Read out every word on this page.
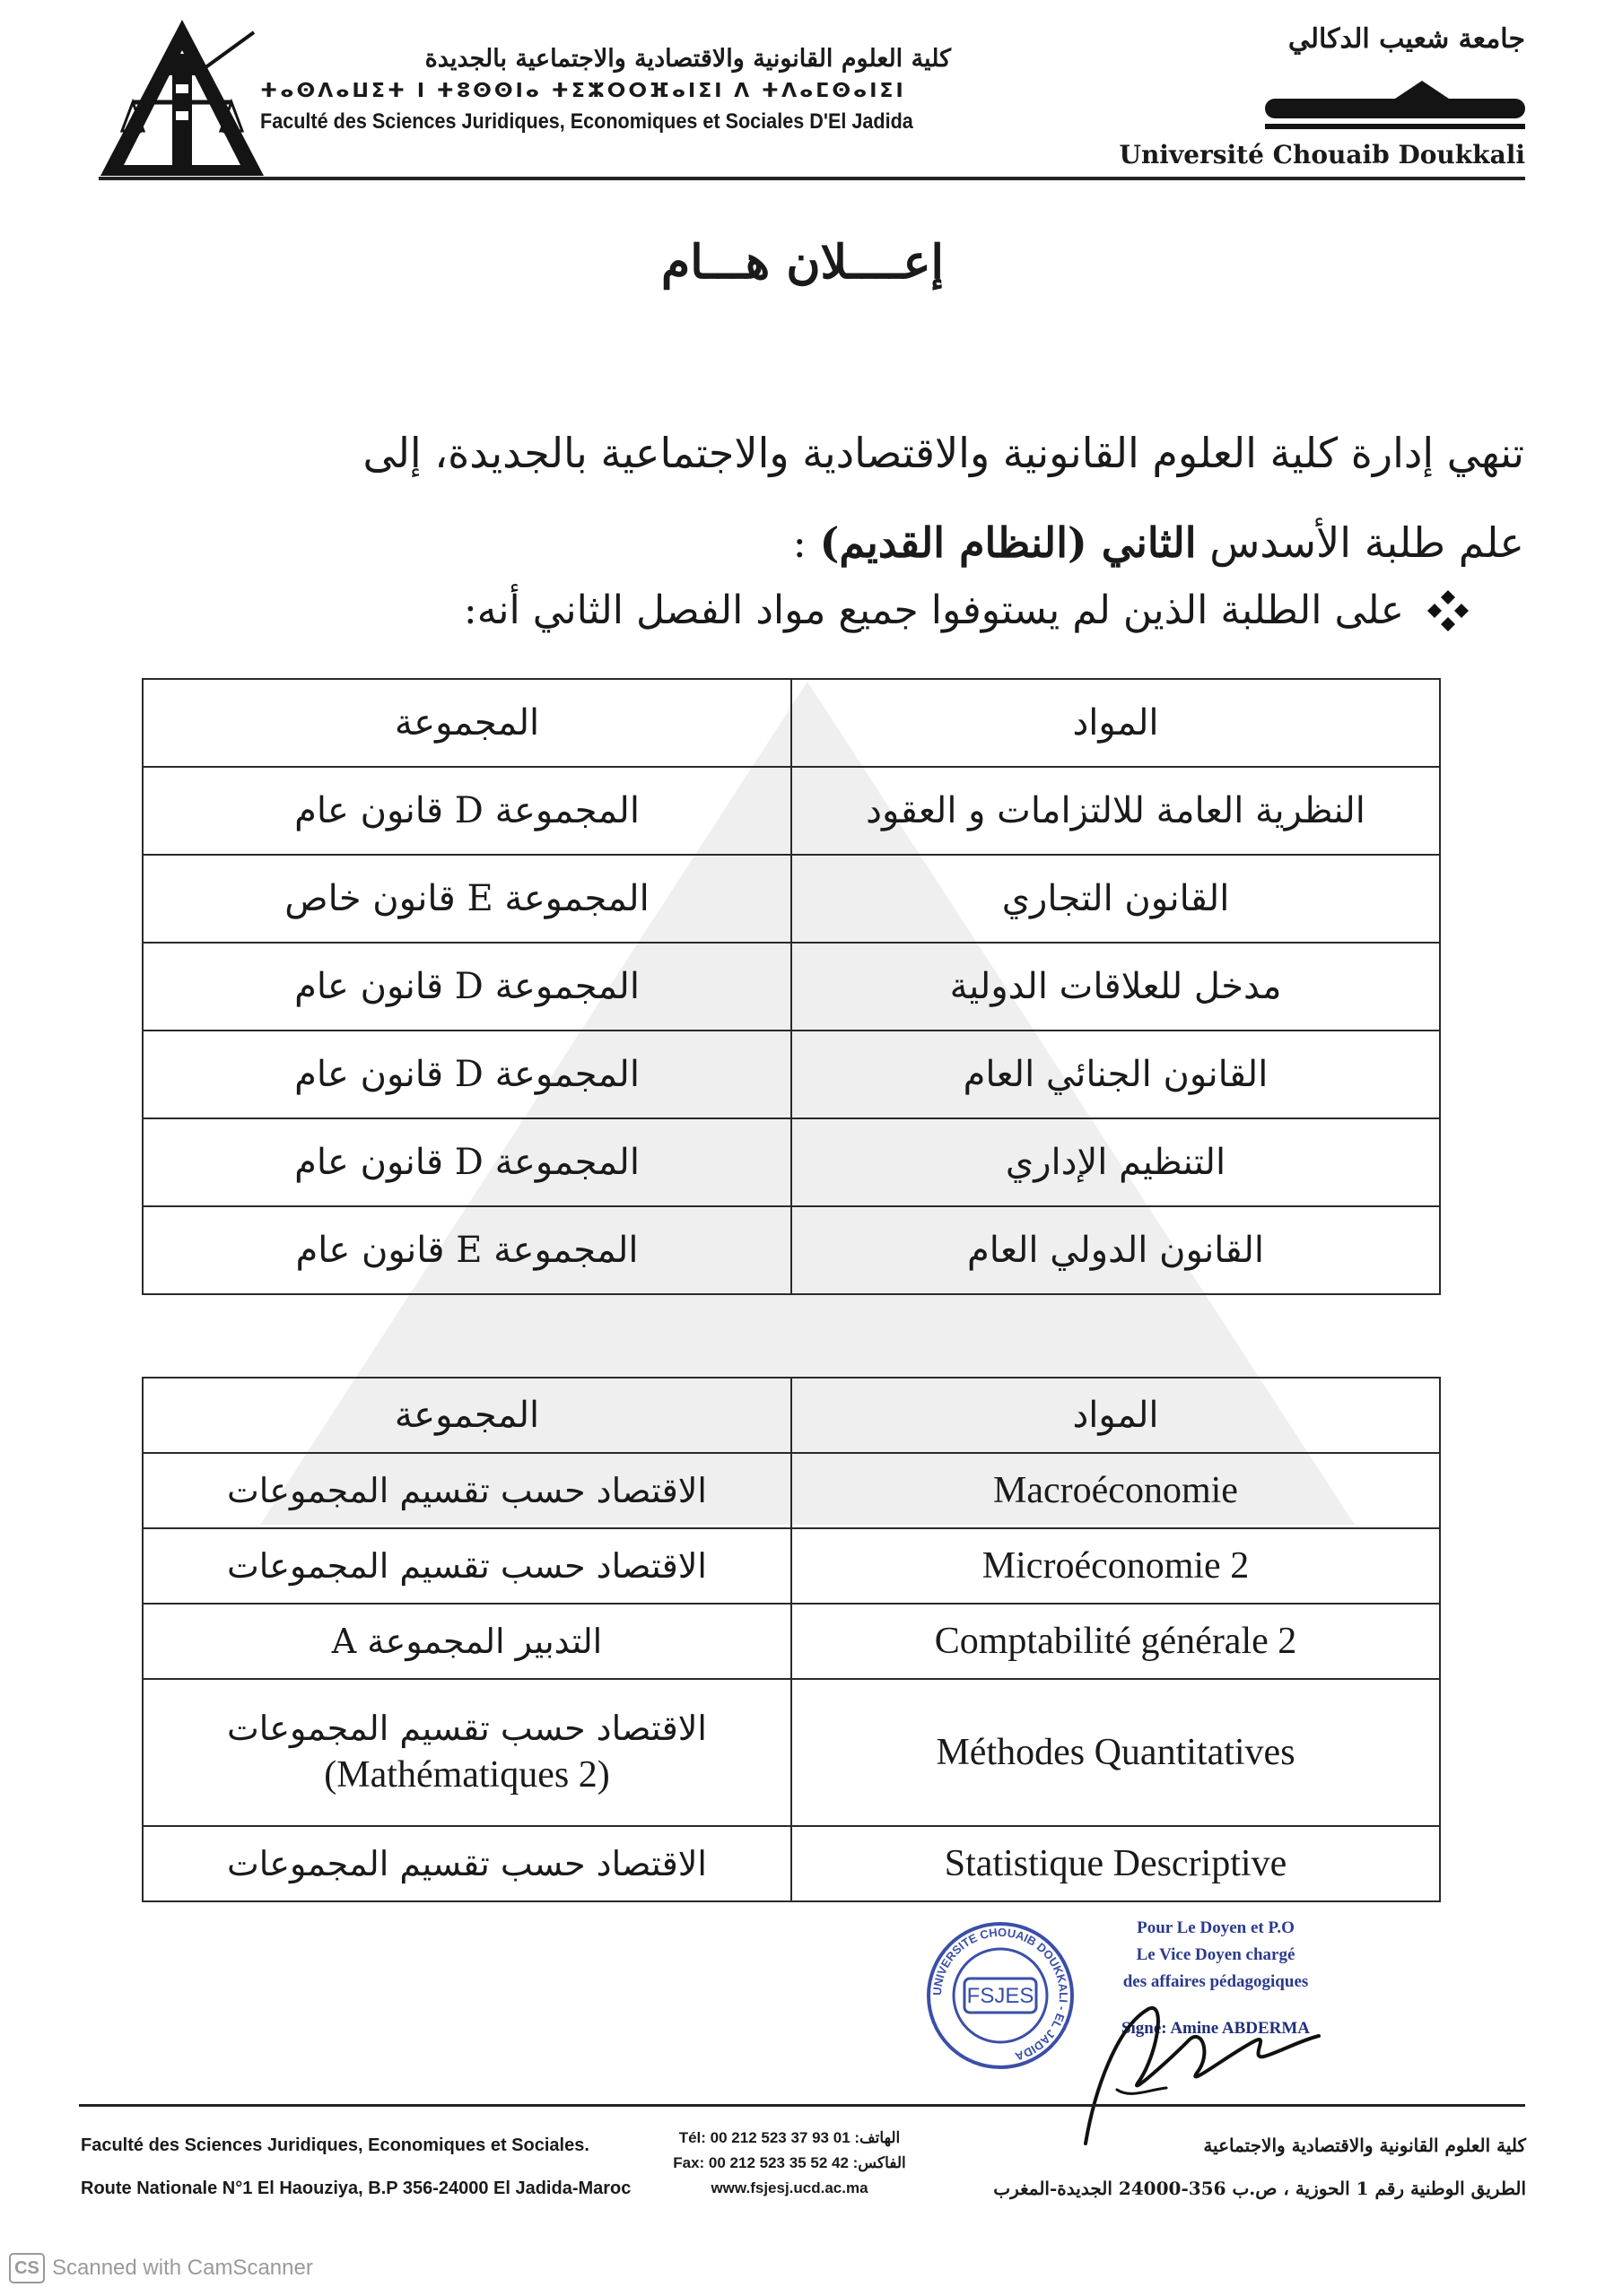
كلية العلوم القانونية والاقتصادية والاجتماعية بالجديدة
ⵜⴰⵙⴷⴰⵡⵉⵜ ⵏ ⵜⵓⵙⵙⵏⴰ ⵜⵉⵣⵔⵔⴼⴰⵏⵉⵏ ⴷ ⵜⴷⴰⵎⵙⴰⵏⵉⵏ
Faculté des Sciences Juridiques, Economiques et Sociales D'El Jadida
جامعة شعيب الدكالي
Université Chouaib Doukkali
إعــــلان هـــام
تنهي إدارة كلية العلوم القانونية والاقتصادية والاجتماعية بالجديدة، إلى
علم طلبة الأسدس الثاني (النظام القديم) :
على الطلبة الذين لم يستوفوا جميع مواد الفصل الثاني أنه:
المجموعة	المواد
المجموعة D قانون عام	النظرية العامة للالتزامات و العقود
المجموعة E قانون خاص	القانون التجاري
المجموعة D قانون عام	مدخل للعلاقات الدولية
المجموعة D قانون عام	القانون الجنائي العام
المجموعة D قانون عام	التنظيم الإداري
المجموعة E قانون عام	القانون الدولي العام
المجموعة	المواد
الاقتصاد حسب تقسيم المجموعات	Macroéconomie
الاقتصاد حسب تقسيم المجموعات	Microéconomie 2
التدبير المجموعة A	Comptabilité générale 2
الاقتصاد حسب تقسيم المجموعات
(Mathématiques 2)	Méthodes Quantitatives
الاقتصاد حسب تقسيم المجموعات	Statistique Descriptive
UNIVERSITE CHOUAIB DOUKKALI - EL JADIDA
FSJES
Pour Le Doyen et P.O
Le Vice Doyen chargé
des affaires pédagogiques
Signé: Amine ABDERMA
Faculté des Sciences Juridiques, Economiques et Sociales.
Route Nationale N°1 El Haouziya, B.P 356-24000 El Jadida-Maroc
Tél: 00 212 523 37 93 01 :الهاتف
Fax: 00 212 523 35 52 42 :الفاكس
www.fsjesj.ucd.ac.ma
كلية العلوم القانونية والاقتصادية والاجتماعية
الطريق الوطنية رقم 1 الحوزية ، ص.ب 356-24000 الجديدة-المغرب
CS Scanned with CamScanner
